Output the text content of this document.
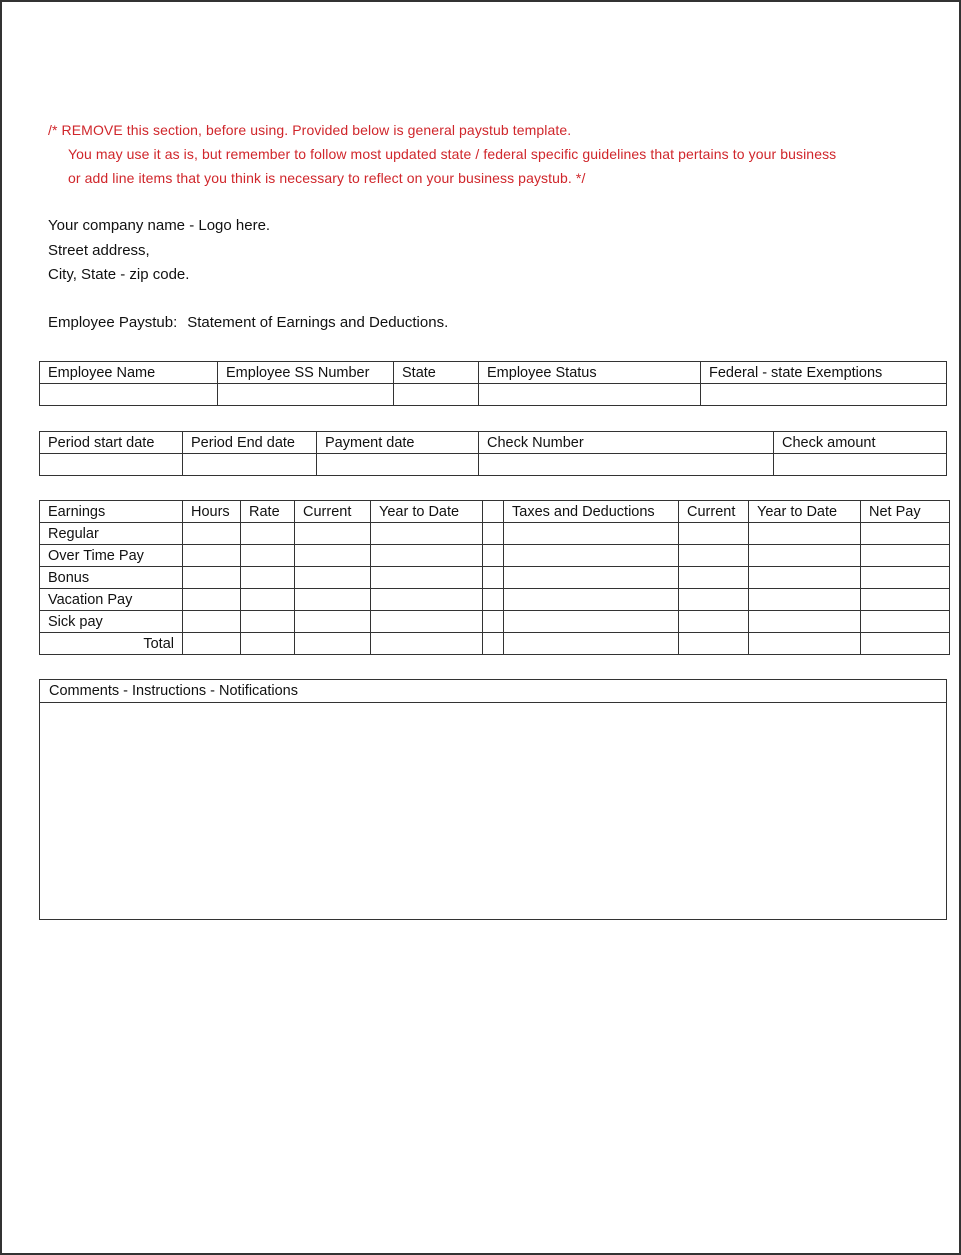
/* REMOVE this section, before using. Provided below is general paystub template.
You may use it as is, but remember to follow most updated state / federal specific guidelines that pertains to your business
or add line items that you think is necessary to reflect on your business paystub. */
Your company name - Logo here.
Street address,
City, State - zip code.
Employee Paystub: Statement of Earnings and Deductions.
Employee Name	Employee SS Number	State	Employee Status	Federal - state Exemptions

Period start date	Period End date	Payment date	Check Number	Check amount

Earnings	Hours	Rate	Current	Year to Date		Taxes and Deductions	Current	Year to Date	Net Pay
Regular									
Over Time Pay									
Bonus									
Vacation Pay									
Sick pay									
Total									
Comments - Instructions - Notifications
